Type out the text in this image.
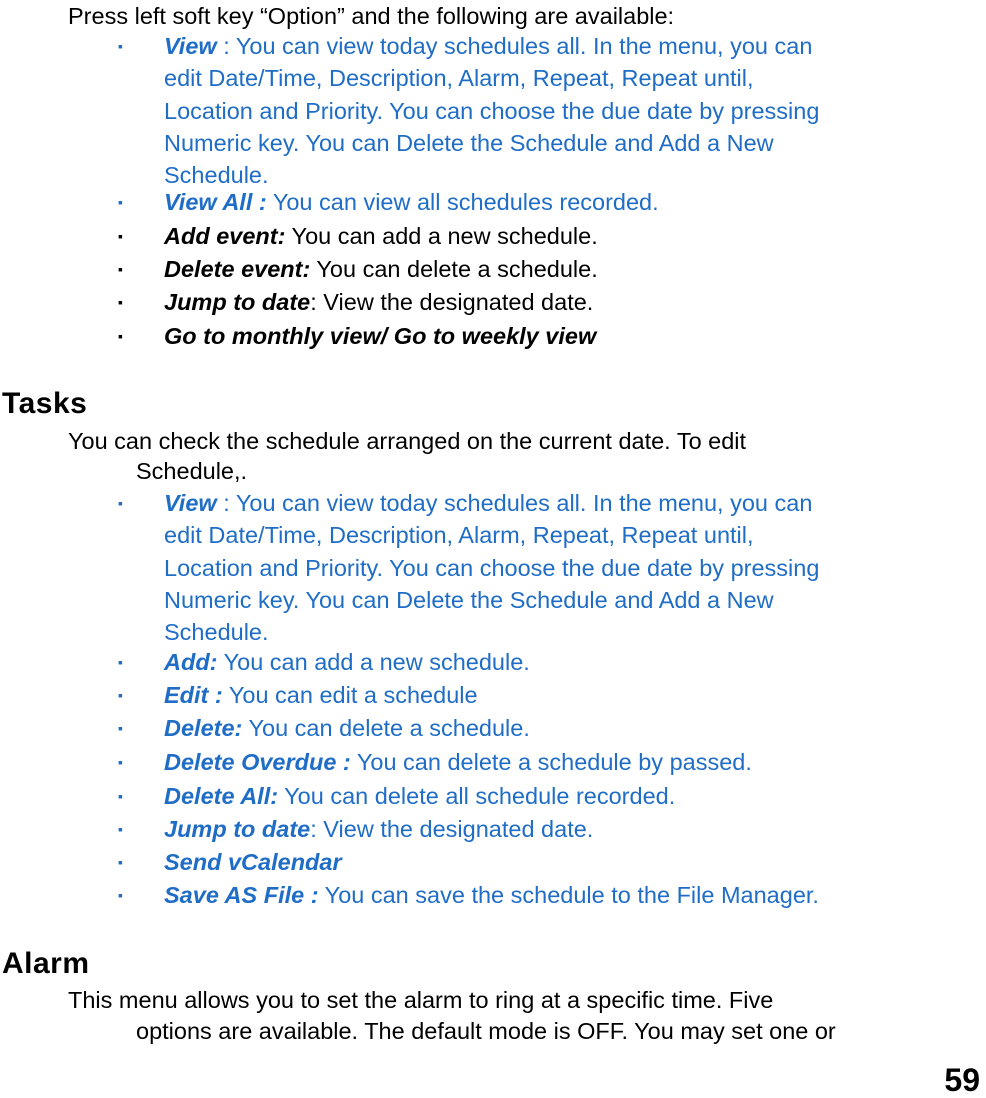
Press left soft key “Option” and the following are available:
▪ View : You can view today schedules all. In the menu, you can
edit Date/Time, Description, Alarm, Repeat, Repeat until,
Location and Priority. You can choose the due date by pressing
Numeric key. You can Delete the Schedule and Add a New
Schedule.
▪ View All : You can view all schedules recorded.
▪ Add event: You can add a new schedule.
▪ Delete event: You can delete a schedule.
▪ Jump to date: View the designated date.
▪ Go to monthly view/ Go to weekly view
Tasks
You can check the schedule arranged on the current date. To edit
Schedule,.
▪ View : You can view today schedules all. In the menu, you can
edit Date/Time, Description, Alarm, Repeat, Repeat until,
Location and Priority. You can choose the due date by pressing
Numeric key. You can Delete the Schedule and Add a New
Schedule.
▪ Add: You can add a new schedule.
▪ Edit : You can edit a schedule
▪ Delete: You can delete a schedule.
▪ Delete Overdue : You can delete a schedule by passed.
▪ Delete All: You can delete all schedule recorded.
▪ Jump to date: View the designated date.
▪ Send vCalendar
▪ Save AS File : You can save the schedule to the File Manager.
Alarm
This menu allows you to set the alarm to ring at a specific time. Five
options are available. The default mode is OFF. You may set one or
59
